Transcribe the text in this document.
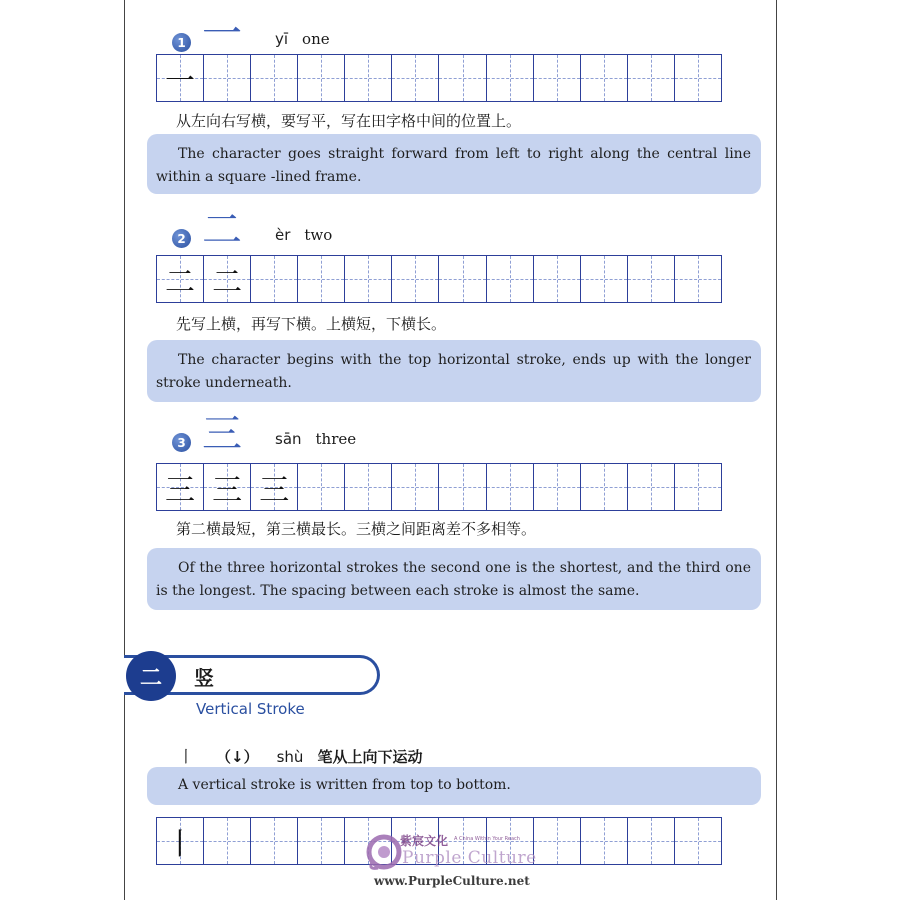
1 一 yī one
一
从左向右写横，要写平，写在田字格中间的位置上。
The character goes straight forward from left to right along the central line within a square -lined frame.
2 二 èr two
二 二
先写上横，再写下横。上横短，下横长。
The character begins with the top horizontal stroke, ends up with the longer stroke underneath.
3 三 sān three
三 三 三
第二横最短，第三横最长。三横之间距离差不多相等。
Of the three horizontal strokes the second one is the shortest, and the third one is the longest. The spacing between each stroke is almost the same.
二	竖
Vertical Stroke
丨 （↓） shù 笔从上向下运动
A vertical stroke is written from top to bottom.
丨	紫宸文化 A China Within Your Reach
Purple Culture
www.PurpleCulture.net
